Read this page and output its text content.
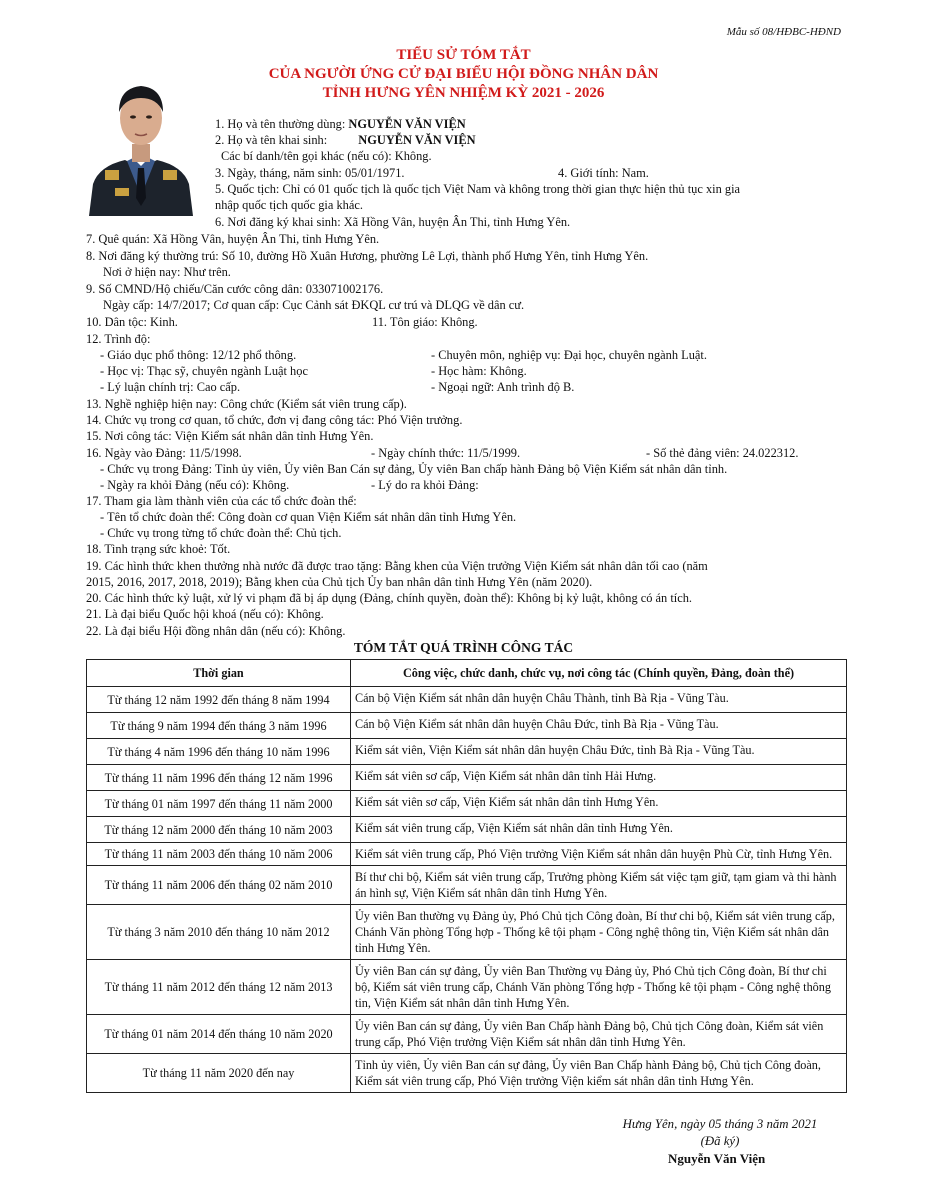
Mẫu số 08/HĐBC-HĐND
TIỂU SỬ TÓM TẮT
CỦA NGƯỜI ỨNG CỬ ĐẠI BIỂU HỘI ĐỒNG NHÂN DÂN
TỈNH HƯNG YÊN NHIỆM KỲ 2021 - 2026
1. Họ và tên thường dùng: NGUYỄN VĂN VIỆN
2. Họ và tên khai sinh:	NGUYỄN VĂN VIỆN
Các bí danh/tên gọi khác (nếu có): Không.
3. Ngày, tháng, năm sinh: 05/01/1971.	4. Giới tính: Nam.
5. Quốc tịch: Chỉ có 01 quốc tịch là quốc tịch Việt Nam và không trong thời gian thực hiện thủ tục xin gia
nhập quốc tịch quốc gia khác.
6. Nơi đăng ký khai sinh: Xã Hồng Vân, huyện Ân Thi, tỉnh Hưng Yên.
7. Quê quán: Xã Hồng Vân, huyện Ân Thi, tỉnh Hưng Yên.
8. Nơi đăng ký thường trú: Số 10, đường Hồ Xuân Hương, phường Lê Lợi, thành phố Hưng Yên, tỉnh Hưng Yên.
Nơi ở hiện nay: Như trên.
9. Số CMND/Hộ chiếu/Căn cước công dân: 033071002176.
Ngày cấp: 14/7/2017; Cơ quan cấp: Cục Cảnh sát ĐKQL cư trú và DLQG về dân cư.
10. Dân tộc: Kinh.	11. Tôn giáo: Không.
12. Trình độ:
- Giáo dục phổ thông: 12/12 phổ thông.	- Chuyên môn, nghiệp vụ: Đại học, chuyên ngành Luật.
- Học vị: Thạc sỹ, chuyên ngành Luật học	- Học hàm: Không.
- Lý luận chính trị: Cao cấp.	- Ngoại ngữ: Anh trình độ B.
13. Nghề nghiệp hiện nay: Công chức (Kiểm sát viên trung cấp).
14. Chức vụ trong cơ quan, tổ chức, đơn vị đang công tác: Phó Viện trưởng.
15. Nơi công tác: Viện Kiểm sát nhân dân tỉnh Hưng Yên.
16. Ngày vào Đảng: 11/5/1998.	- Ngày chính thức: 11/5/1999.	- Số thẻ đảng viên: 24.022312.
- Chức vụ trong Đảng: Tỉnh ủy viên, Ủy viên Ban Cán sự đảng, Ủy viên Ban chấp hành Đảng bộ Viện Kiểm sát nhân dân tỉnh.
- Ngày ra khỏi Đảng (nếu có): Không.	- Lý do ra khỏi Đảng:
17. Tham gia làm thành viên của các tổ chức đoàn thể:
- Tên tổ chức đoàn thể: Công đoàn cơ quan Viện Kiểm sát nhân dân tỉnh Hưng Yên.
- Chức vụ trong từng tổ chức đoàn thể: Chủ tịch.
18. Tình trạng sức khoẻ: Tốt.
19. Các hình thức khen thưởng nhà nước đã được trao tặng: Bằng khen của Viện trưởng Viện Kiểm sát nhân dân tối cao (năm
2015, 2016, 2017, 2018, 2019); Bằng khen của Chủ tịch Ủy ban nhân dân tỉnh Hưng Yên (năm 2020).
20. Các hình thức kỷ luật, xử lý vi phạm đã bị áp dụng (Đảng, chính quyền, đoàn thể): Không bị kỷ luật, không có án tích.
21. Là đại biểu Quốc hội khoá (nếu có): Không.
22. Là đại biểu Hội đồng nhân dân (nếu có): Không.
TÓM TẮT QUÁ TRÌNH CÔNG TÁC
Thời gian	Công việc, chức danh, chức vụ, nơi công tác (Chính quyền, Đảng, đoàn thể)
Từ tháng 12 năm 1992 đến tháng 8 năm 1994	Cán bộ Viện Kiểm sát nhân dân huyện Châu Thành, tỉnh Bà Rịa - Vũng Tàu.
Từ tháng 9 năm 1994 đến tháng 3 năm 1996	Cán bộ Viện Kiểm sát nhân dân huyện Châu Đức, tỉnh Bà Rịa - Vũng Tàu.
Từ tháng 4 năm 1996 đến tháng 10 năm 1996	Kiểm sát viên, Viện Kiểm sát nhân dân huyện Châu Đức, tỉnh Bà Rịa - Vũng Tàu.
Từ tháng 11 năm 1996 đến tháng 12 năm 1996	Kiểm sát viên sơ cấp, Viện Kiểm sát nhân dân tỉnh Hải Hưng.
Từ tháng 01 năm 1997 đến tháng 11 năm 2000	Kiểm sát viên sơ cấp, Viện Kiểm sát nhân dân tỉnh Hưng Yên.
Từ tháng 12 năm 2000 đến tháng 10 năm 2003	Kiểm sát viên trung cấp, Viện Kiểm sát nhân dân tỉnh Hưng Yên.
Từ tháng 11 năm 2003 đến tháng 10 năm 2006	Kiểm sát viên trung cấp, Phó Viện trưởng Viện Kiểm sát nhân dân huyện Phù Cừ, tỉnh Hưng Yên.
Từ tháng 11 năm 2006 đến tháng 02 năm 2010	Bí thư chi bộ, Kiểm sát viên trung cấp, Trưởng phòng Kiểm sát việc tạm giữ, tạm giam và thi hành án hình sự, Viện Kiểm sát nhân dân tỉnh Hưng Yên.
Từ tháng 3 năm 2010 đến tháng 10 năm 2012	Ủy viên Ban thường vụ Đảng ủy, Phó Chủ tịch Công đoàn, Bí thư chi bộ, Kiểm sát viên trung cấp, Chánh Văn phòng Tổng hợp - Thống kê tội phạm - Công nghệ thông tin, Viện Kiểm sát nhân dân tỉnh Hưng Yên.
Từ tháng 11 năm 2012 đến tháng 12 năm 2013	Ủy viên Ban cán sự đảng, Ủy viên Ban Thường vụ Đảng ủy, Phó Chủ tịch Công đoàn, Bí thư chi bộ, Kiểm sát viên trung cấp, Chánh Văn phòng Tổng hợp - Thống kê tội phạm - Công nghệ thông tin, Viện Kiểm sát nhân dân tỉnh Hưng Yên.
Từ tháng 01 năm 2014 đến tháng 10 năm 2020	Ủy viên Ban cán sự đảng, Ủy viên Ban Chấp hành Đảng bộ, Chủ tịch Công đoàn, Kiểm sát viên trung cấp, Phó Viện trưởng Viện Kiểm sát nhân dân tỉnh Hưng Yên.
Từ tháng 11 năm 2020 đến nay	Tỉnh ủy viên, Ủy viên Ban cán sự đảng, Ủy viên Ban Chấp hành Đảng bộ, Chủ tịch Công đoàn, Kiểm sát viên trung cấp, Phó Viện trưởng Viện kiểm sát nhân dân tỉnh Hưng Yên.
Hưng Yên, ngày 05 tháng 3 năm 2021
(Đã ký)
Nguyễn Văn Viện
